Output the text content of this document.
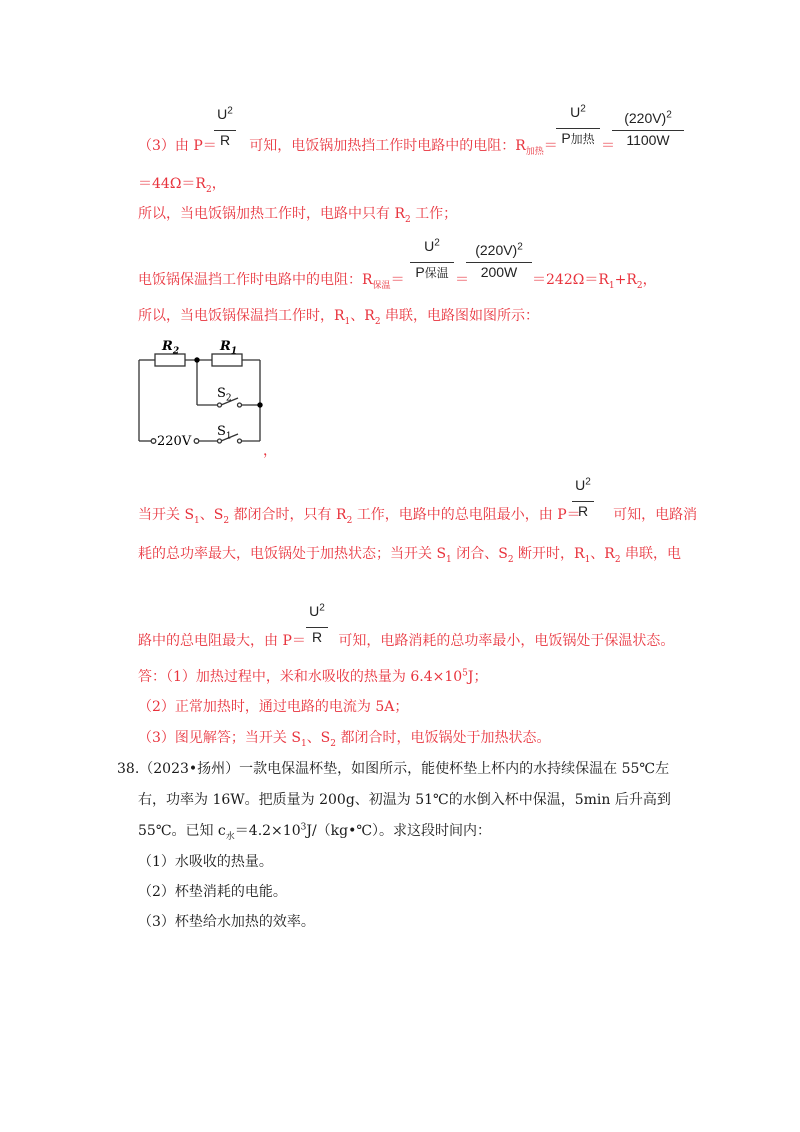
（3）由 P＝ 可知，电饭锅加热挡工作时电路中的电阻：$R_{加热}=$
$U^2$
R
$U^2$
P加热 ＝
$(220V)^2$
1100W
$=44\Omega=R_2$，
所以，当电饭锅加热工作时，电路中只有 $R_2$ 工作；
电饭锅保温挡工作时电路中的电阻：$R_{保温}=$
$U^2$
P保温 ＝
$(220V)^2$
200W	$=242\Omega=R_1+R_2$，
所以，当电饭锅保温挡工作时，$R_1$、$R_2$ 串联，电路图如图所示：
$R_2$	$R_1$
$S_2$
$S_1$
220V
，
当开关 $S_1$、$S_2$ 都闭合时，只有 $R_2$ 工作，电路中的总电阻最小，由 P＝ 可知，电路消
$U^2$
R
耗的总功率最大，电饭锅处于加热状态；当开关 $S_1$ 闭合、$S_2$ 断开时，$R_1$、$R_2$ 串联，电
路中的总电阻最大，由 P＝ 可知，电路消耗的总功率最小，电饭锅处于保温状态。
$U^2$
R
答：（1）加热过程中，米和水吸收的热量为 $6.4\times 10^5J$；
（2）正常加热时，通过电路的电流为 5A；
（3）图见解答；当开关 $S_1$、$S_2$ 都闭合时，电饭锅处于加热状态。
38.（2023•扬州）一款电保温杯垫，如图所示，能使杯垫上杯内的水持续保温在 55℃左
右，功率为 16W。把质量为 200g、初温为 51℃的水倒入杯中保温，5min 后升高到
55℃。已知 $c_水=4.2\times 10^3J/(kg•℃)$。求这段时间内：
（1）水吸收的热量。
（2）杯垫消耗的电能。
（3）杯垫给水加热的效率。
